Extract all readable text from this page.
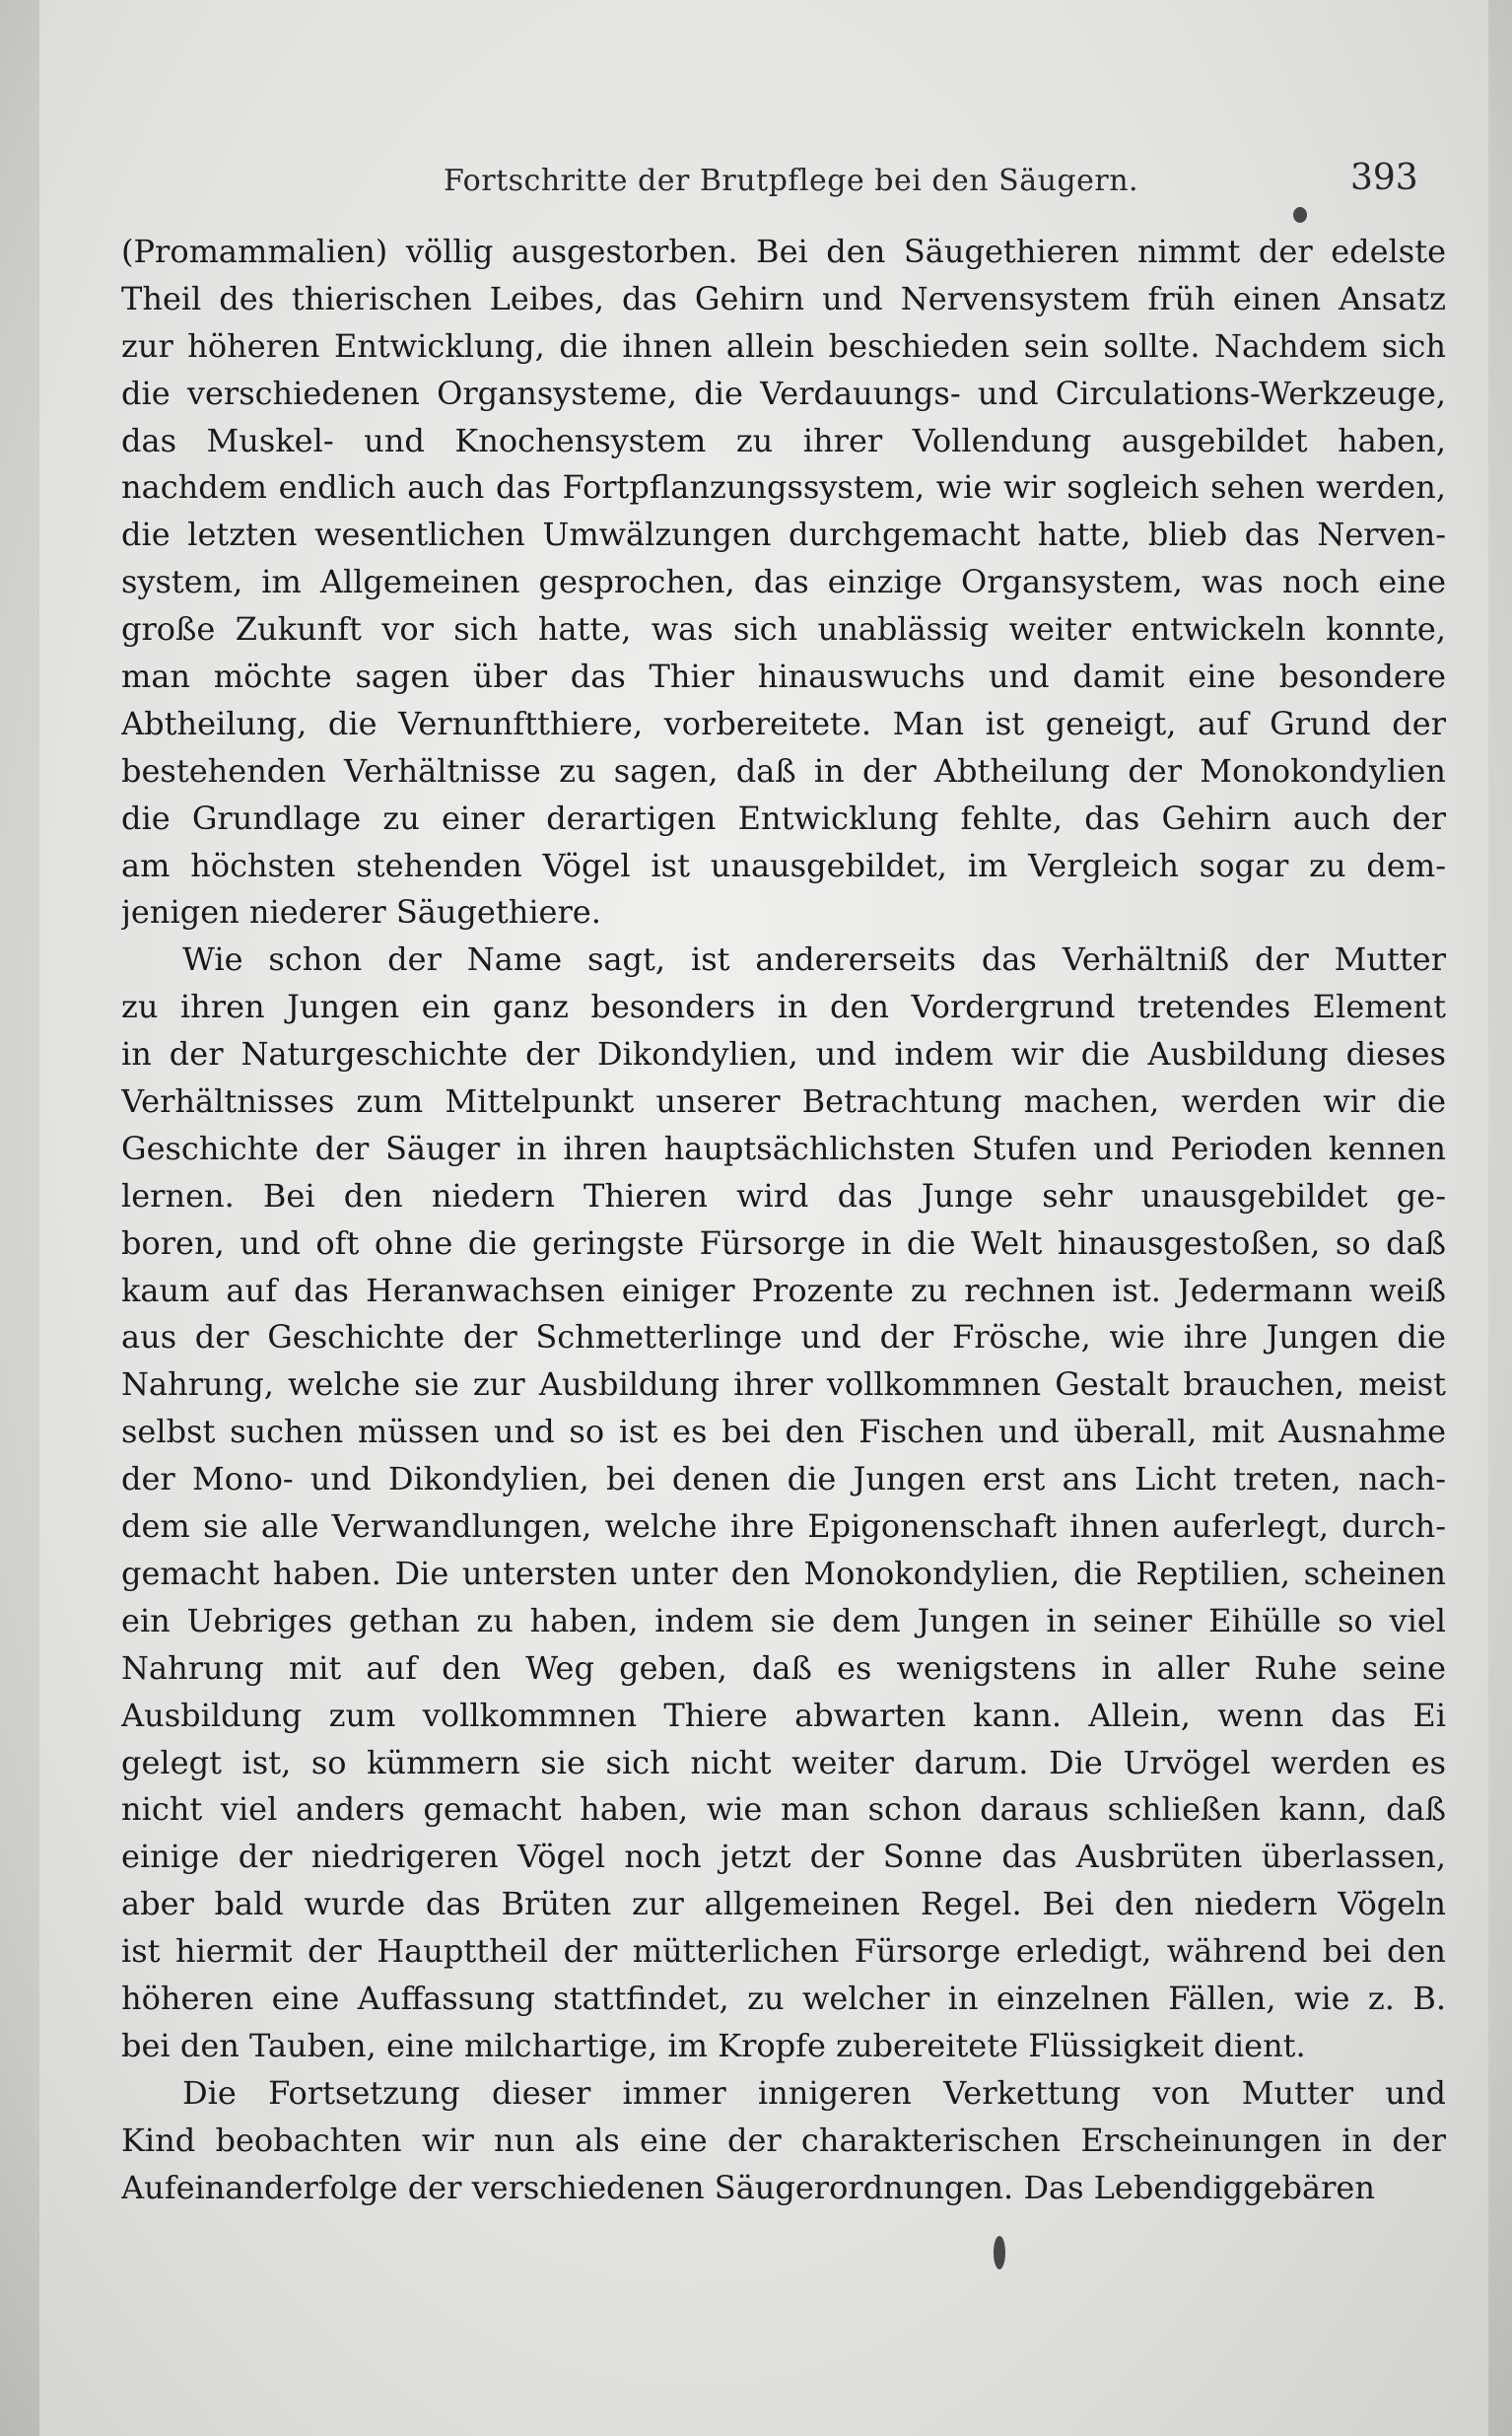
Fortschritte der Brutpflege bei den Säugern.	393
(Promammalien) völlig ausgestorben. Bei den Säugethieren nimmt der edelste
Theil des thierischen Leibes, das Gehirn und Nervensystem früh einen Ansatz
zur höheren Entwicklung, die ihnen allein beschieden sein sollte. Nachdem sich
die verschiedenen Organsysteme, die Verdauungs- und Circulations-Werkzeuge,
das Muskel- und Knochensystem zu ihrer Vollendung ausgebildet haben,
nachdem endlich auch das Fortpflanzungssystem, wie wir sogleich sehen werden,
die letzten wesentlichen Umwälzungen durchgemacht hatte, blieb das Nerven-
system, im Allgemeinen gesprochen, das einzige Organsystem, was noch eine
große Zukunft vor sich hatte, was sich unablässig weiter entwickeln konnte,
man möchte sagen über das Thier hinauswuchs und damit eine besondere
Abtheilung, die Vernunftthiere, vorbereitete. Man ist geneigt, auf Grund der
bestehenden Verhältnisse zu sagen, daß in der Abtheilung der Monokondylien
die Grundlage zu einer derartigen Entwicklung fehlte, das Gehirn auch der
am höchsten stehenden Vögel ist unausgebildet, im Vergleich sogar zu dem-
jenigen niederer Säugethiere.
Wie schon der Name sagt, ist andererseits das Verhältniß der Mutter
zu ihren Jungen ein ganz besonders in den Vordergrund tretendes Element
in der Naturgeschichte der Dikondylien, und indem wir die Ausbildung dieses
Verhältnisses zum Mittelpunkt unserer Betrachtung machen, werden wir die
Geschichte der Säuger in ihren hauptsächlichsten Stufen und Perioden kennen
lernen. Bei den niedern Thieren wird das Junge sehr unausgebildet ge-
boren, und oft ohne die geringste Fürsorge in die Welt hinausgestoßen, so daß
kaum auf das Heranwachsen einiger Prozente zu rechnen ist. Jedermann weiß
aus der Geschichte der Schmetterlinge und der Frösche, wie ihre Jungen die
Nahrung, welche sie zur Ausbildung ihrer vollkommnen Gestalt brauchen, meist
selbst suchen müssen und so ist es bei den Fischen und überall, mit Ausnahme
der Mono- und Dikondylien, bei denen die Jungen erst ans Licht treten, nach-
dem sie alle Verwandlungen, welche ihre Epigonenschaft ihnen auferlegt, durch-
gemacht haben. Die untersten unter den Monokondylien, die Reptilien, scheinen
ein Uebriges gethan zu haben, indem sie dem Jungen in seiner Eihülle so viel
Nahrung mit auf den Weg geben, daß es wenigstens in aller Ruhe seine
Ausbildung zum vollkommnen Thiere abwarten kann. Allein, wenn das Ei
gelegt ist, so kümmern sie sich nicht weiter darum. Die Urvögel werden es
nicht viel anders gemacht haben, wie man schon daraus schließen kann, daß
einige der niedrigeren Vögel noch jetzt der Sonne das Ausbrüten überlassen,
aber bald wurde das Brüten zur allgemeinen Regel. Bei den niedern Vögeln
ist hiermit der Haupttheil der mütterlichen Fürsorge erledigt, während bei den
höheren eine Auffassung stattfindet, zu welcher in einzelnen Fällen, wie z. B.
bei den Tauben, eine milchartige, im Kropfe zubereitete Flüssigkeit dient.
Die Fortsetzung dieser immer innigeren Verkettung von Mutter und
Kind beobachten wir nun als eine der charakterischen Erscheinungen in der
Aufeinanderfolge der verschiedenen Säugerordnungen. Das Lebendiggebären
